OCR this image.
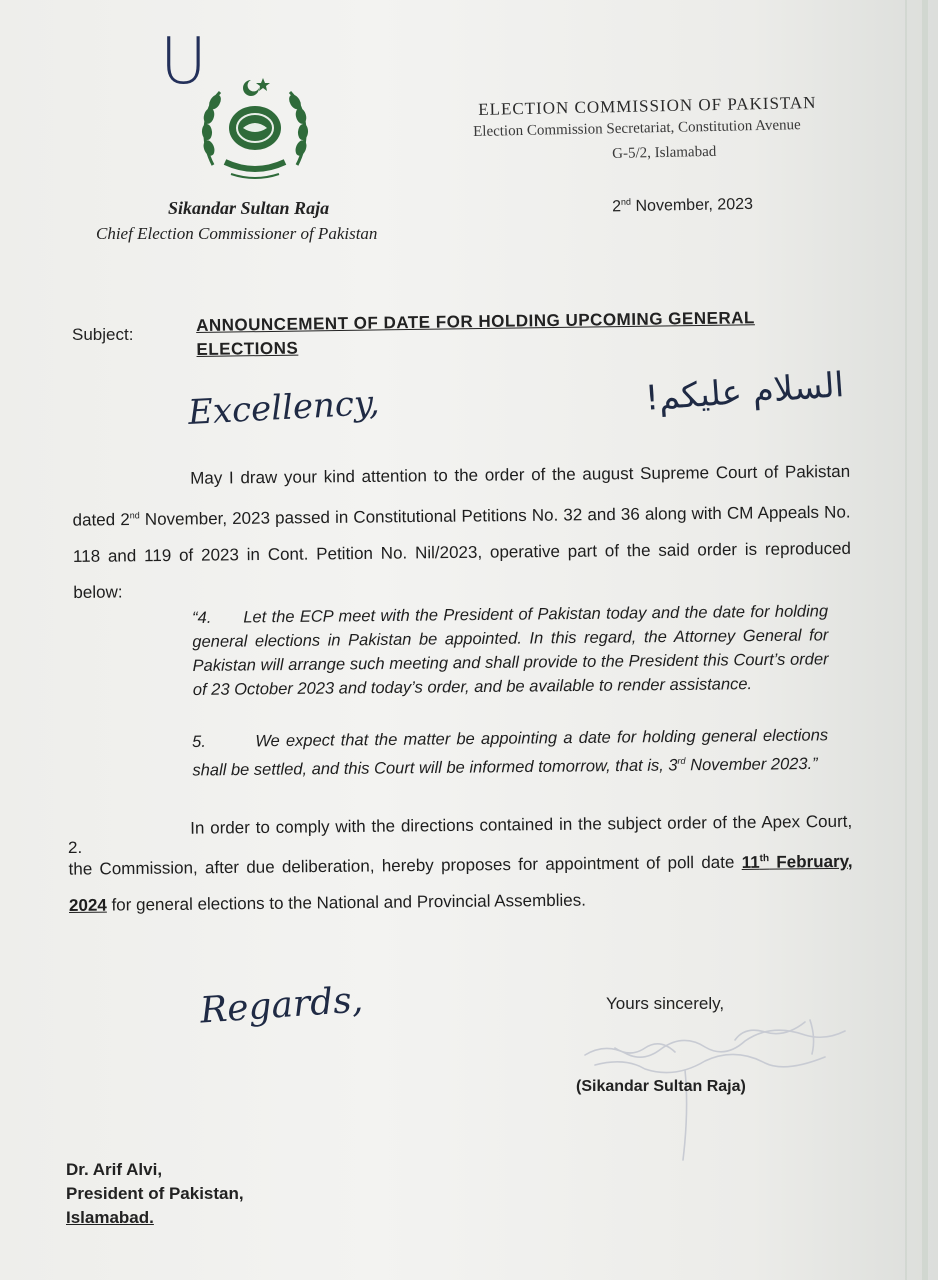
U
ELECTION COMMISSION OF PAKISTAN
Election Commission Secretariat, Constitution Avenue
G-5/2, Islamabad
Sikandar Sultan Raja
Chief Election Commissioner of Pakistan
2nd November, 2023
Subject:	ANNOUNCEMENT OF DATE FOR HOLDING UPCOMING GENERAL
ELECTIONS
Excellency,	السلام علیکم!
May I draw your kind attention to the order of the august Supreme Court of Pakistan dated 2nd November, 2023 passed in Constitutional Petitions No. 32 and 36 along with CM Appeals No. 118 and 119 of 2023 in Cont. Petition No. Nil/2023, operative part of the said order is reproduced below:
“4. Let the ECP meet with the President of Pakistan today and the date for holding general elections in Pakistan be appointed. In this regard, the Attorney General for Pakistan will arrange such meeting and shall provide to the President this Court’s order of 23 October 2023 and today’s order, and be available to render assistance.
5.	We expect that the matter be appointing a date for holding general elections shall be settled, and this Court will be informed tomorrow, that is, 3rd November 2023.”
2.
In order to comply with the directions contained in the subject order of the Apex Court, the Commission, after due deliberation, hereby proposes for appointment of poll date 11th February, 2024 for general elections to the National and Provincial Assemblies.
Regards,	Yours sincerely,
(Sikandar Sultan Raja)
Dr. Arif Alvi,
President of Pakistan,
Islamabad.
